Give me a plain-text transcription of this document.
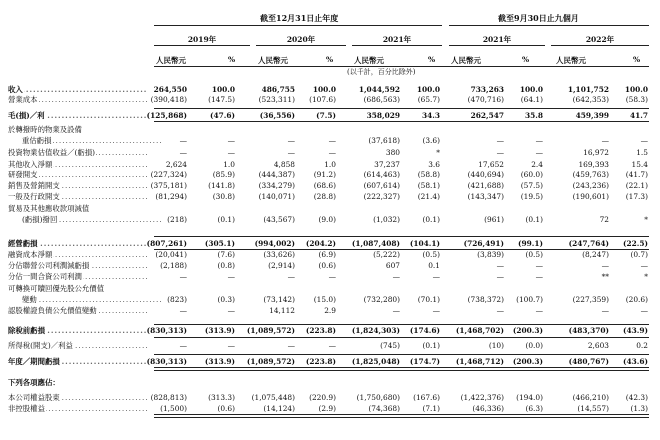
截至12月31日止年度	截至9月30日止九個月
2019年	2020年	2021年	2021年	2022年
人民幣元	%	人民幣元	%	人民幣元	% 人民幣元	%	人民幣元	%
(以千計，百分比除外)
收入 .....	264,550	100.0	486,755	100.0	1,044,592	100.0	733,263	100.0	1,101,752	100.0
營業成本 .....	(390,418)	(147.5)	(523,311)	(107.6)	(686,563)	(65.7)	(470,716)	(64.1)	(642,353)	(58.3)
毛(損)／利 .....	(125,868)	(47.6)	(36,556)	(7.5)	358,029	34.3	262,547	35.8	459,399	41.7
於轉撥時的物業及設備
重估虧損 .....	—	—	—	—	(37,618)	(3.6)	—	—	—	—
投資物業估值收益／(虧損) .....	—	—	—	—	380	*	—	—	16,972	1.5
其他收入淨額 .....	2,624	1.0	4,858	1.0	37,237	3.6	17,652	2.4	169,393	15.4
研發開支 .....	(227,324)	(85.9)	(444,387)	(91.2)	(614,463)	(58.8)	(440,694)	(60.0)	(459,763)	(41.7)
銷售及營銷開支 .....	(375,181)	(141.8)	(334,279)	(68.6)	(607,614)	(58.1)	(421,688)	(57.5)	(243,236)	(22.1)
一般及行政開支 .....	(81,294)	(30.8)	(140,071)	(28.8)	(222,327)	(21.4)	(143,347)	(19.5)	(190,601)	(17.3)
貿易及其他應收款項減值
(虧損)撥回 .....	(218)	(0.1)	(43,567)	(9.0)	(1,032)	(0.1)	(961)	(0.1)	72	*
經營虧損 .....	(807,261)	(305.1)	(994,002)	(204.2)	(1,087,408)	(104.1)	(726,491)	(99.1)	(247,764)	(22.5)
融資成本淨額 .....	(20,041)	(7.6)	(33,626)	(6.9)	(5,222)	(0.5)	(3,839)	(0.5)	(8,247)	(0.7)
分佔聯營公司利潤減虧損 .....	(2,188)	(0.8)	(2,914)	(0.6)	607	0.1	—	—	—	—
分佔一間合資公司利潤 .....	—	—	—	—	—	—	—	—	**	*
可轉換可贖回優先股公允價值
變動 .....	(823)	(0.3)	(73,142)	(15.0)	(732,280)	(70.1)	(738,372)	(100.7)	(227,359)	(20.6)
認股權證負債公允價值變動 .....	—	—	14,112	2.9	—	—	—	—	—	—
除稅前虧損 .....	(830,313)	(313.9)	(1,089,572)	(223.8)	(1,824,303)	(174.6)	(1,468,702)	(200.3)	(483,370)	(43.9)
所得稅(開支)／利益 .....	—	—	—	—	(745)	(0.1)	(10)	(0.0)	2,603	0.2
年度／期間虧損 .....	(830,313)	(313.9)	(1,089,572)	(223.8)	(1,825,048)	(174.7)	(1,468,712)	(200.3)	(480,767)	(43.6)
下列各項應佔：
本公司權益股東 .....	(828,813)	(313.3)	(1,075,448)	(220.9)	(1,750,680)	(167.6)	(1,422,376)	(194.0)	(466,210)	(42.3)
非控股權益 .....	(1,500)	(0.6)	(14,124)	(2.9)	(74,368)	(7.1)	(46,336)	(6.3)	(14,557)	(1.3)
